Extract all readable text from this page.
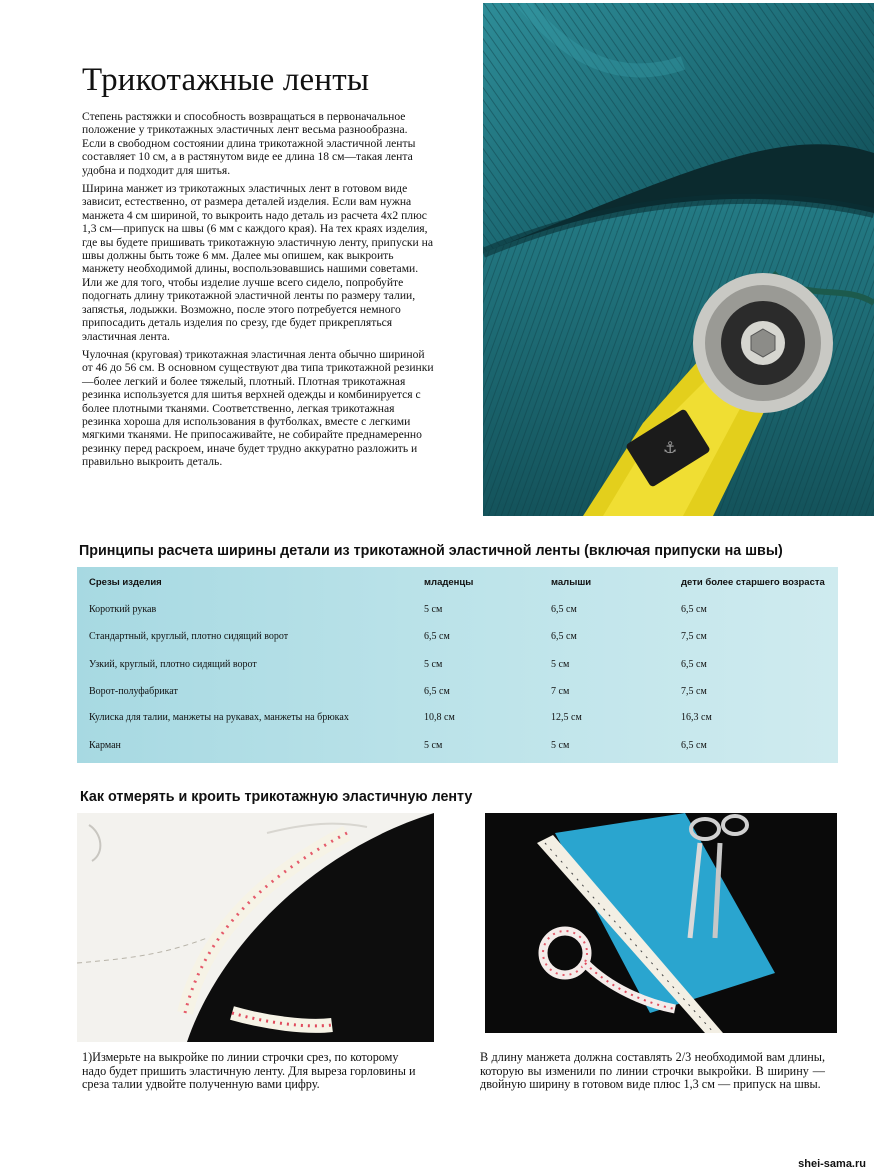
Трикотажные ленты

Степень растяжки и способность возвращаться в первоначальное положение у трикотажных эластичных лент весьма разнообразна. Если в свободном состоянии длина трикотажной эластичной ленты составляет 10 см, а в растянутом виде ее длина 18 см—такая лента удобна и подходит для шитья.

Ширина манжет из трикотажных эластичных лент в готовом виде зависит, естественно, от размера деталей изделия. Если вам нужна манжета 4 см шириной, то выкроить надо деталь из расчета 4x2 плюс 1,3 см—припуск на швы (6 мм с каждого края). На тех краях изделия, где вы будете пришивать трикотажную эластичную ленту, припуски на швы должны быть тоже 6 мм. Далее мы опишем, как выкроить манжету необходимой длины, воспользовавшись нашими советами. Или же для того, чтобы изделие лучше всего сидело, попробуйте подогнать длину трикотажной эластичной ленты по размеру талии, запястья, лодыжки. Возможно, после этого потребуется немного припосадить деталь изделия по срезу, где будет прикрепляться эластичная лента.

Чулочная (круговая) трикотажная эластичная лента обычно шириной от 46 до 56 см. В основном существуют два типа трикотажной резинки—более легкий и более тяжелый, плотный. Плотная трикотажная резинка используется для шитья верхней одежды и комбинируется с более плотными тканями. Соответственно, легкая трикотажная резинка хороша для использования в футболках, вместе с легкими мягкими тканями. Не припосаживайте, не собирайте преднамеренно резинку перед раскроем, иначе будет трудно аккуратно разложить и правильно выкроить деталь.

⚓
Принципы расчета ширины детали из трикотажной эластичной ленты (включая припуски на швы)
Срезы изделия	младенцы	малыши	дети более старшего возраста
Короткий рукав	5 см	6,5 см	6,5 см
Стандартный, круглый, плотно сидящий ворот	6,5 см	6,5 см	7,5 см
Узкий, круглый, плотно сидящий ворот	5 см	5 см	6,5 см
Ворот-полуфабрикат	6,5 см	7 см	7,5 см
Кулиска для талии, манжеты на рукавах, манжеты на брюках	10,8 см	12,5 см	16,3 см
Карман	5 см	5 см	6,5 см
Как отмерять и кроить трикотажную эластичную ленту
1)Измерьте на выкройке по линии строчки срез, по которому надо будет пришить эластичную ленту. Для выреза горловины и среза талии удвойте полученную вами цифру.
В длину манжета должна составлять 2/3 необходимой вам длины, которую вы изменили по линии строчки выкройки. В ширину — двойную ширину в готовом виде плюс 1,3 см — припуск на швы.
shei-sama.ru
